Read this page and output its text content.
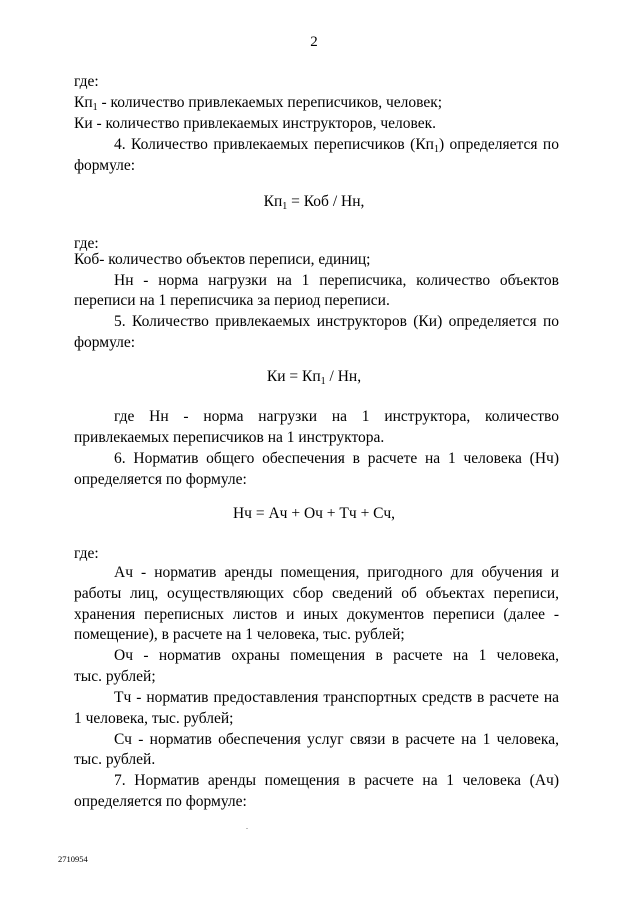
2
где:
$Кп_1$ - количество привлекаемых переписчиков, человек;
Ки - количество привлекаемых инструкторов, человек.
4. Количество привлекаемых переписчиков $(Кп_1)$ определяется по
формуле:
$Кп_1$ = Коб / Нн,
где:
Коб- количество объектов переписи, единиц;
Нн - норма нагрузки на 1 переписчика, количество объектов
переписи на 1 переписчика за период переписи.
5. Количество привлекаемых инструкторов (Ки) определяется по
формуле:
Ки = $Кп_1$ / Нн,
где Нн - норма нагрузки на 1 инструктора, количество
привлекаемых переписчиков на 1 инструктора.
6. Норматив общего обеспечения в расчете на 1 человека (Нч)
определяется по формуле:
Нч = Ач + Оч + Тч + Сч,
где:
Ач - норматив аренды помещения, пригодного для обучения и
работы лиц, осуществляющих сбор сведений об объектах переписи,
хранения переписных листов и иных документов переписи (далее -
помещение), в расчете на 1 человека, тыс. рублей;
Оч - норматив охраны помещения в расчете на 1 человека,
тыс. рублей;
Тч - норматив предоставления транспортных средств в расчете на
1 человека, тыс. рублей;
Сч - норматив обеспечения услуг связи в расчете на 1 человека,
тыс. рублей.
7. Норматив аренды помещения в расчете на 1 человека (Ач)
определяется по формуле:
2710954
